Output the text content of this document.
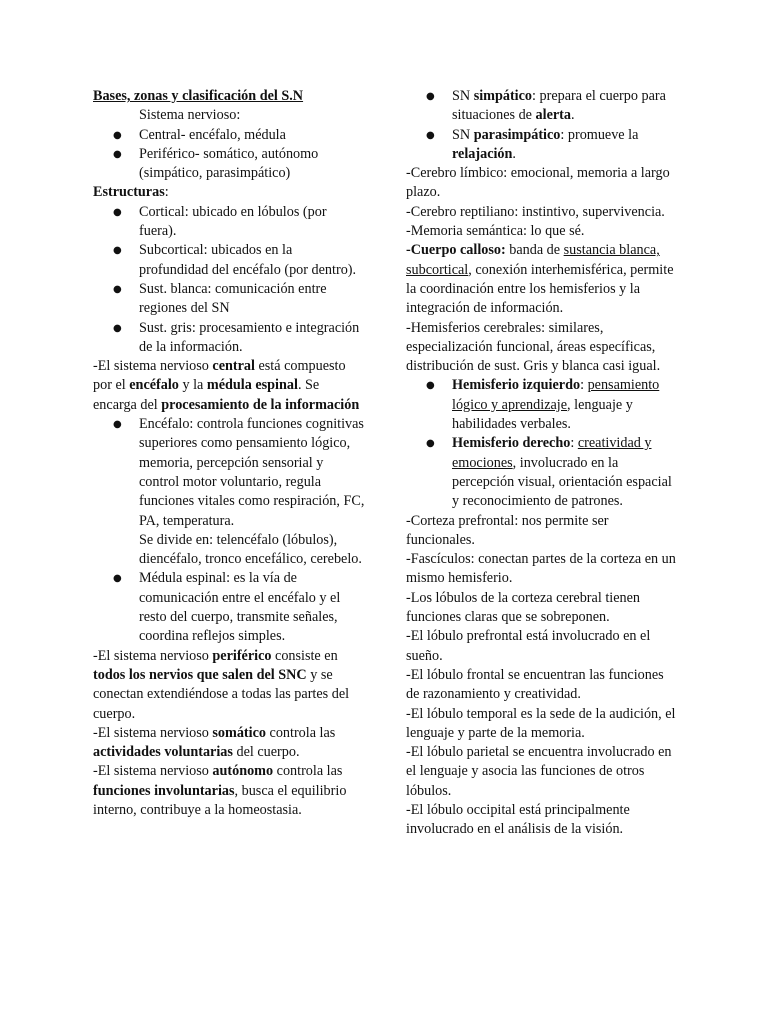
Bases, zonas y clasificación del S.N

Sistema nervioso:

● Central- encéfalo, médula
● Periférico- somático, autónomo (simpático, parasimpático)

Estructuras:

● Cortical: ubicado en lóbulos (por fuera).
● Subcortical: ubicados en la profundidad del encéfalo (por dentro).
● Sust. blanca: comunicación entre regiones del SN
● Sust. gris: procesamiento e integración de la información.

-El sistema nervioso central está compuesto por el encéfalo y la médula espinal. Se encarga del procesamiento de la información

● Encéfalo: controla funciones cognitivas superiores como pensamiento lógico, memoria, percepción sensorial y control motor voluntario, regula funciones vitales como respiración, FC, PA, temperatura.
Se divide en: telencéfalo (lóbulos), diencéfalo, tronco encefálico, cerebelo.
● Médula espinal: es la vía de comunicación entre el encéfalo y el resto del cuerpo, transmite señales, coordina reflejos simples.

-El sistema nervioso periférico consiste en todos los nervios que salen del SNC y se conectan extendiéndose a todas las partes del cuerpo.

-El sistema nervioso somático controla las actividades voluntarias del cuerpo.

-El sistema nervioso autónomo controla las funciones involuntarias, busca el equilibrio interno, contribuye a la homeostasia.

● SN simpático: prepara el cuerpo para situaciones de alerta.
● SN parasimpático: promueve la relajación.

-Cerebro límbico: emocional, memoria a largo plazo.

-Cerebro reptiliano: instintivo, supervivencia.

-Memoria semántica: lo que sé.

-Cuerpo calloso: banda de sustancia blanca, subcortical, conexión interhemisférica, permite la coordinación entre los hemisferios y la integración de información.

-Hemisferios cerebrales: similares, especialización funcional, áreas específicas, distribución de sust. Gris y blanca casi igual.

● Hemisferio izquierdo: pensamiento lógico y aprendizaje, lenguaje y habilidades verbales.
● Hemisferio derecho: creatividad y emociones, involucrado en la percepción visual, orientación espacial y reconocimiento de patrones.

-Corteza prefrontal: nos permite ser funcionales.

-Fascículos: conectan partes de la corteza en un mismo hemisferio.

-Los lóbulos de la corteza cerebral tienen funciones claras que se sobreponen.

-El lóbulo prefrontal está involucrado en el sueño.

-El lóbulo frontal se encuentran las funciones de razonamiento y creatividad.

-El lóbulo temporal es la sede de la audición, el lenguaje y parte de la memoria.

-El lóbulo parietal se encuentra involucrado en el lenguaje y asocia las funciones de otros lóbulos.

-El lóbulo occipital está principalmente involucrado en el análisis de la visión.
